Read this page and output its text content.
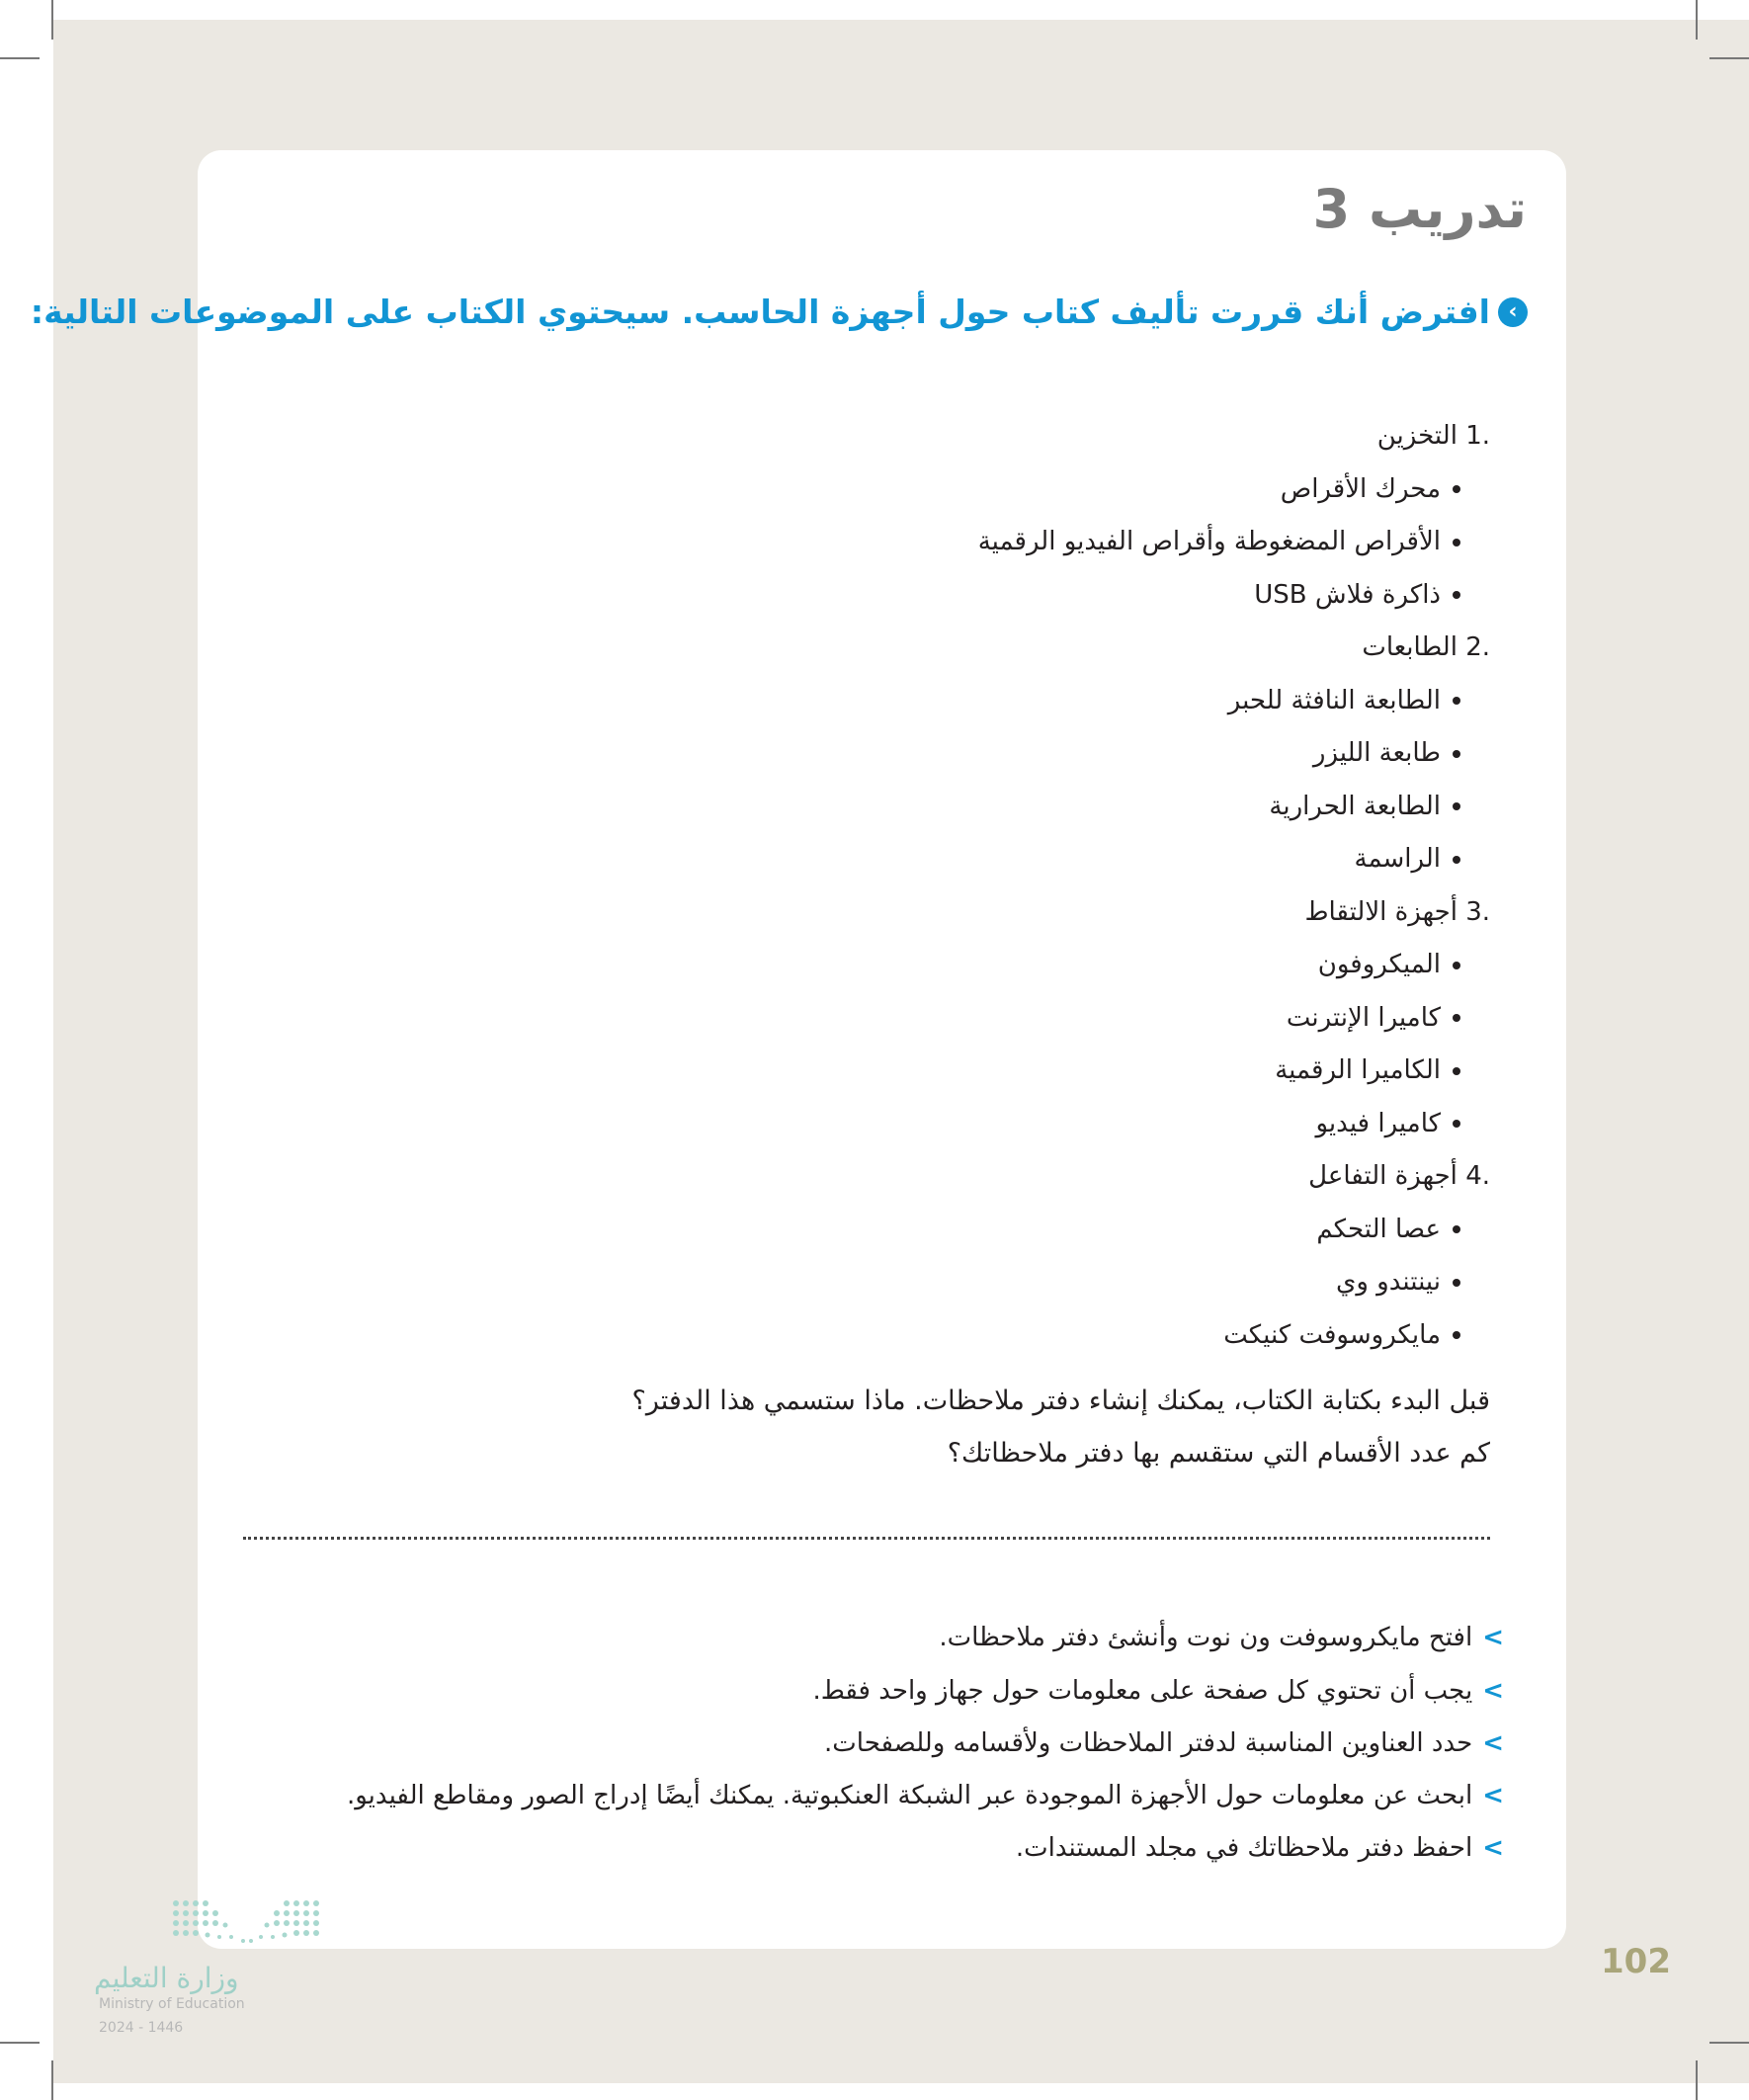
تدريب 3
‹
افترض أنك قررت تأليف كتاب حول أجهزة الحاسب. سيحتوي الكتاب على الموضوعات التالية:
1. التخزين
محرك الأقراص
الأقراص المضغوطة وأقراص الفيديو الرقمية
ذاكرة فلاش USB
2. الطابعات
الطابعة النافثة للحبر
طابعة الليزر
الطابعة الحرارية
الراسمة
3. أجهزة الالتقاط
الميكروفون
كاميرا الإنترنت
الكاميرا الرقمية
كاميرا فيديو
4. أجهزة التفاعل
عصا التحكم
نينتندو وي
مايكروسوفت كنيكت
قبل البدء بكتابة الكتاب، يمكنك إنشاء دفتر ملاحظات. ماذا ستسمي هذا الدفتر؟
كم عدد الأقسام التي ستقسم بها دفتر ملاحظاتك؟
>افتح مايكروسوفت ون نوت وأنشئ دفتر ملاحظات.
>يجب أن تحتوي كل صفحة على معلومات حول جهاز واحد فقط.
>حدد العناوين المناسبة لدفتر الملاحظات ولأقسامه وللصفحات.
>ابحث عن معلومات حول الأجهزة الموجودة عبر الشبكة العنكبوتية. يمكنك أيضًا إدراج الصور ومقاطع الفيديو.
>احفظ دفتر ملاحظاتك في مجلد المستندات.
102
وزارة التعليم
Ministry of Education
2024 - 1446
